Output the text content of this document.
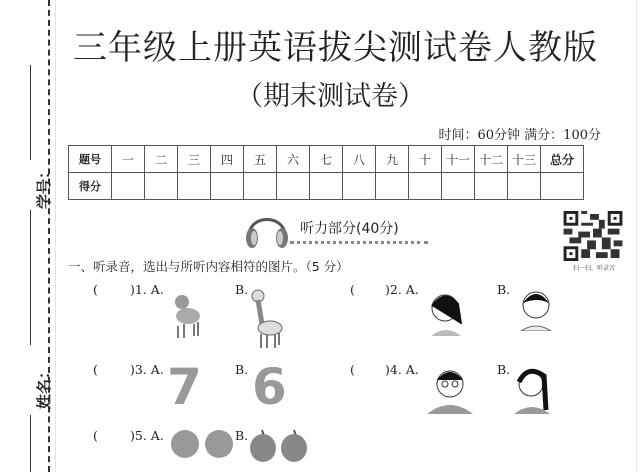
学号：
姓名：
三年级上册英语拔尖测试卷人教版
（期末测试卷）
时间：60分钟 满分：100分
题号	一	二	三	四	五	六	七	八	九	十	十一	十二	十三	总分
得分														
听力部分(40分)
扫一扫，听录音
一、听录音，选出与所听内容相符的图片。（5 分）
(	)1. A.	B.	( )2. A.	B.
(	)3. A.	B.
7 6	( )4. A.	B.
(	)5. A.	B.
